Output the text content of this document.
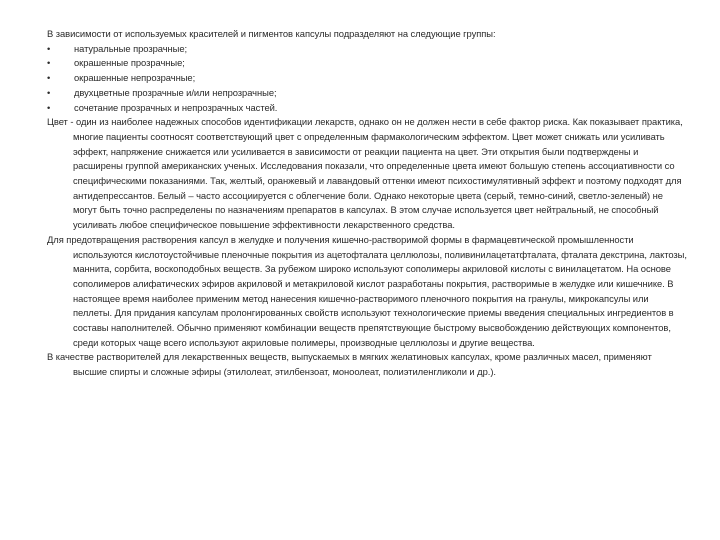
В зависимости от используемых красителей и пигментов капсулы подразделяют на следующие группы:

•	натуральные прозрачные;
•	окрашенные прозрачные;
•	окрашенные непрозрачные;
•	двухцветные прозрачные и/или непрозрачные;
•	сочетание прозрачных и непрозрачных частей.

Цвет - один из наиболее надежных способов идентификации лекарств, однако он не должен нести в себе фактор риска. Как показывает практика, многие пациенты соотносят соответствующий цвет с определенным фармакологическим эффектом. Цвет может снижать или усиливать эффект, напряжение снижается или усиливается в зависимости от реакции пациента на цвет. Эти открытия были подтверждены и расширены группой американских ученых. Исследования показали, что определенные цвета имеют большую степень ассоциативности со специфическими показаниями. Так, желтый, оранжевый и лавандовый оттенки имеют психостимулятивный эффект и поэтому подходят для антидепрессантов. Белый – часто ассоциируется с облегчение боли. Однако некоторые цвета (серый, темно-синий, светло-зеленый) не могут быть точно распределены по назначениям препаратов в капсулах. В этом случае используется цвет нейтральный, не способный усиливать любое специфическое повышение эффективности лекарственного средства.

Для предотвращения растворения капсул в желудке и получения кишечно-растворимой формы в фармацевтической промышленности используются кислотоустойчивые пленочные покрытия из ацетофталата целлюлозы, поливинилацетатфталата, фталата декстрина, лактозы, маннита, сорбита, воскоподобных веществ. За рубежом широко используют сополимеры акриловой кислоты с винилацетатом. На основе сополимеров алифатических эфиров акриловой и метакриловой кислот разработаны покрытия, растворимые в желудке или кишечнике. В настоящее время наиболее применим метод нанесения кишечно-растворимого пленочного покрытия на гранулы, микрокапсулы или пеллеты. Для придания капсулам пролонгированных свойств используют технологические приемы введения специальных ингредиентов в составы наполнителей. Обычно применяют комбинации веществ препятствующие быстрому высвобождению действующих компонентов, среди которых чаще всего используют акриловые полимеры, производные целлюлозы и другие вещества.

В качестве растворителей для лекарственных веществ, выпускаемых в мягких желатиновых капсулах, кроме различных масел, применяют высшие спирты и сложные эфиры (этилолеат, этилбензоат, моноолеат, полиэтиленгликоли и др.).
